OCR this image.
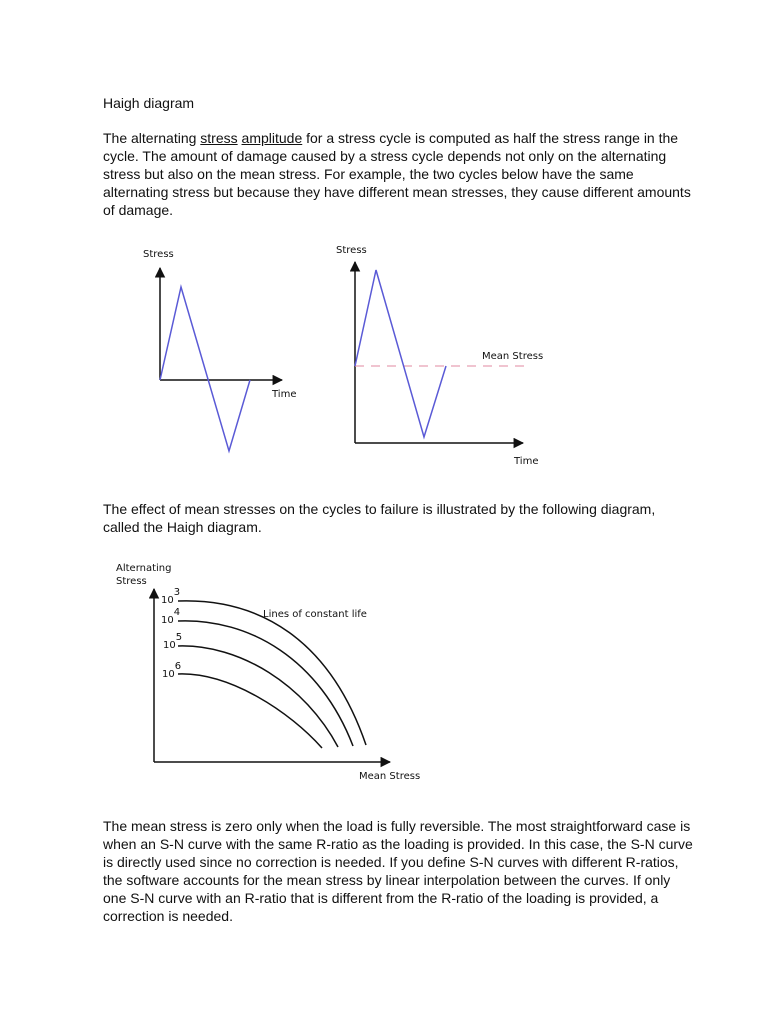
Haigh diagram

The alternating stress amplitude for a stress cycle is computed as half the stress range in the cycle. The amount of damage caused by a stress cycle depends not only on the alternating stress but also on the mean stress. For example, the two cycles below have the same alternating stress but because they have different mean stresses, they cause different amounts of damage.

The effect of mean stresses on the cycles to failure is illustrated by the following diagram, called the Haigh diagram.

The mean stress is zero only when the load is fully reversible. The most straightforward case is when an S-N curve with the same R-ratio as the loading is provided. In this case, the S-N curve is directly used since no correction is needed. If you define S-N curves with different R-ratios, the software accounts for the mean stress by linear interpolation between the curves. If only one S-N curve with an R-ratio that is different from the R-ratio of the loading is provided, a correction is needed.

Stress
Time
Stress
Mean Stress
Time
Alternating
Stress
Mean Stress
Lines of constant life
103
104
105
106
